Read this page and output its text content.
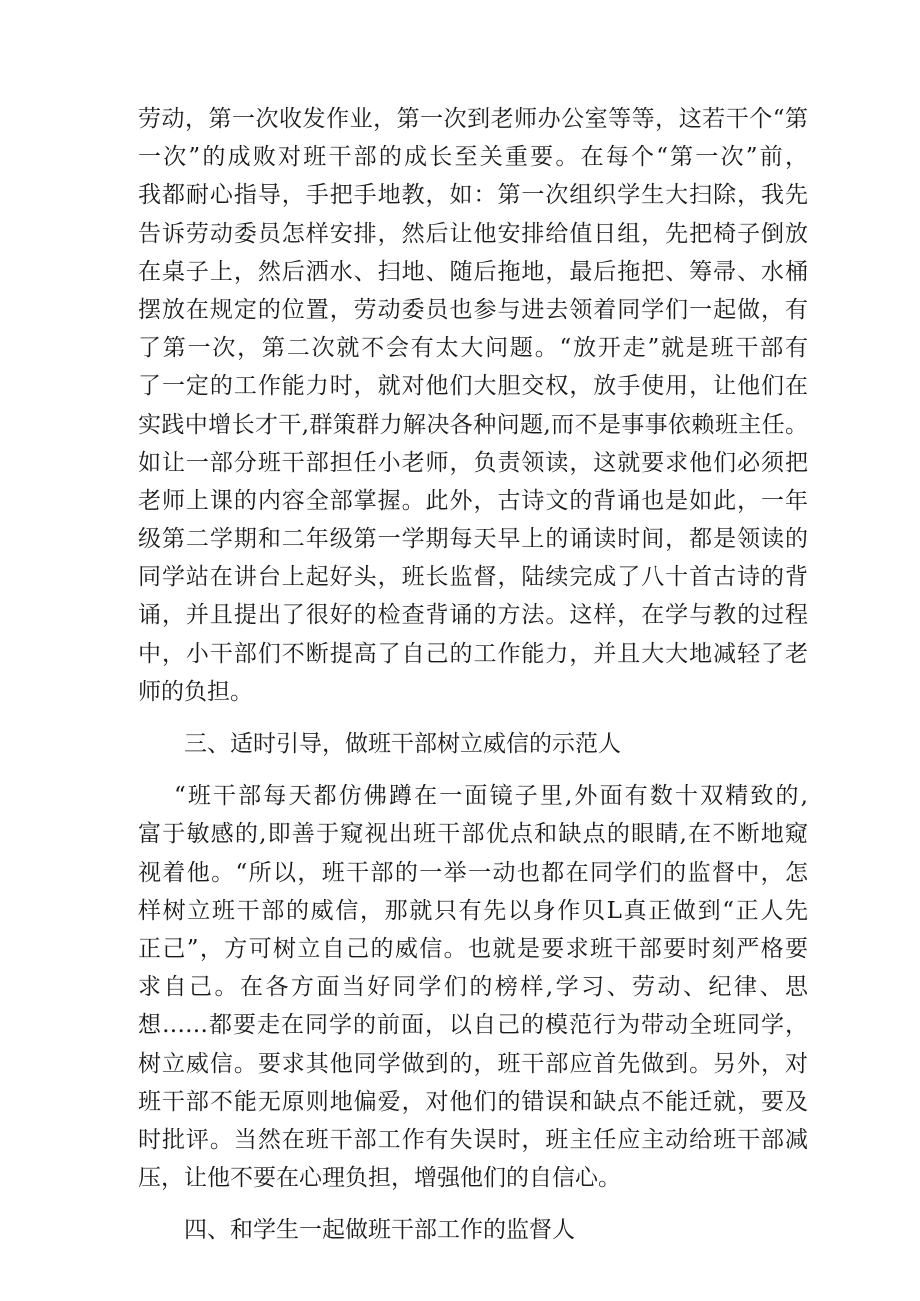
劳动，第一次收发作业，第一次到老师办公室等等，这若干个“第
一次”的成败对班干部的成长至关重要。在每个“第一次”前，
我都耐心指导，手把手地教，如：第一次组织学生大扫除，我先
告诉劳动委员怎样安排，然后让他安排给值日组，先把椅子倒放
在桌子上，然后洒水、扫地、随后拖地，最后拖把、筹帚、水桶
摆放在规定的位置，劳动委员也参与进去领着同学们一起做，有
了第一次，第二次就不会有太大问题。“放开走”就是班干部有
了一定的工作能力时，就对他们大胆交权，放手使用，让他们在
实践中增长才干,群策群力解决各种问题,而不是事事依赖班主任。
如让一部分班干部担任小老师，负责领读，这就要求他们必须把
老师上课的内容全部掌握。此外，古诗文的背诵也是如此，一年
级第二学期和二年级第一学期每天早上的诵读时间，都是领读的
同学站在讲台上起好头，班长监督，陆续完成了八十首古诗的背
诵，并且提出了很好的检查背诵的方法。这样，在学与教的过程
中，小干部们不断提高了自己的工作能力，并且大大地减轻了老
师的负担。
三、适时引导，做班干部树立威信的示范人
“班干部每天都仿佛蹲在一面镜子里,外面有数十双精致的,
富于敏感的,即善于窥视出班干部优点和缺点的眼睛,在不断地窥
视着他。“所以，班干部的一举一动也都在同学们的监督中，怎
样树立班干部的威信，那就只有先以身作贝L真正做到“正人先
正己”，方可树立自己的威信。也就是要求班干部要时刻严格要
求自己。在各方面当好同学们的榜样,学习、劳动、纪律、思
想……都要走在同学的前面，以自己的模范行为带动全班同学，
树立威信。要求其他同学做到的，班干部应首先做到。另外，对
班干部不能无原则地偏爱，对他们的错误和缺点不能迁就，要及
时批评。当然在班干部工作有失误时，班主任应主动给班干部减
压，让他不要在心理负担，增强他们的自信心。
四、和学生一起做班干部工作的监督人
